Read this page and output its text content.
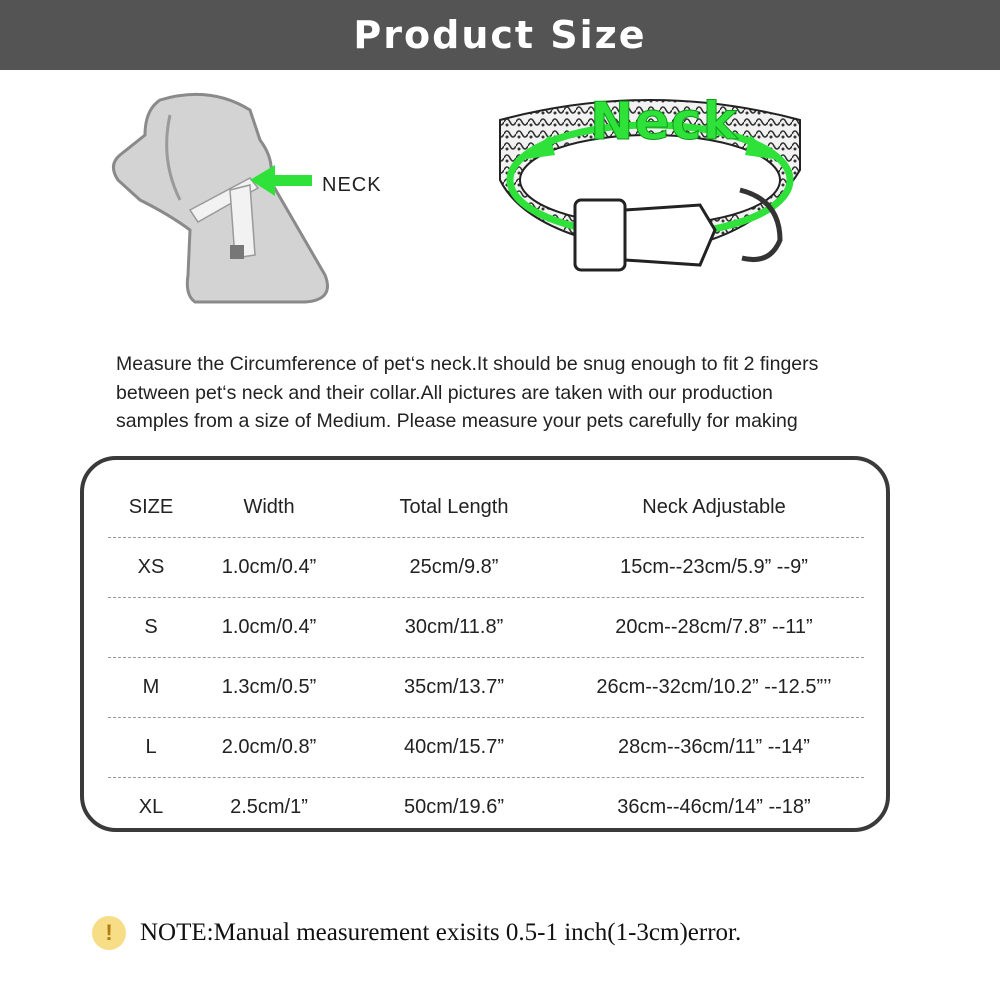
Product Size
NECK
Neck

Measure the Circumference of pet‘s neck.It should be snug enough to fit 2 fingers

between pet‘s neck and their collar.All pictures are taken with our production

samples from a size of Medium. Please measure your pets carefully for making

SIZE	Width	Total Length	Neck Adjustable
XS	1.0cm/0.4”	25cm/9.8”	15cm--23cm/5.9” --9”
S	1.0cm/0.4”	30cm/11.8”	20cm--28cm/7.8” --11”
M	1.3cm/0.5”	35cm/13.7”	26cm--32cm/10.2” --12.5”’’
L	2.0cm/0.8”	40cm/15.7”	28cm--36cm/11” --14”
XL	2.5cm/1”	50cm/19.6”	36cm--46cm/14” --18”
!	NOTE:Manual measurement exisits 0.5-1 inch(1-3cm)error.
